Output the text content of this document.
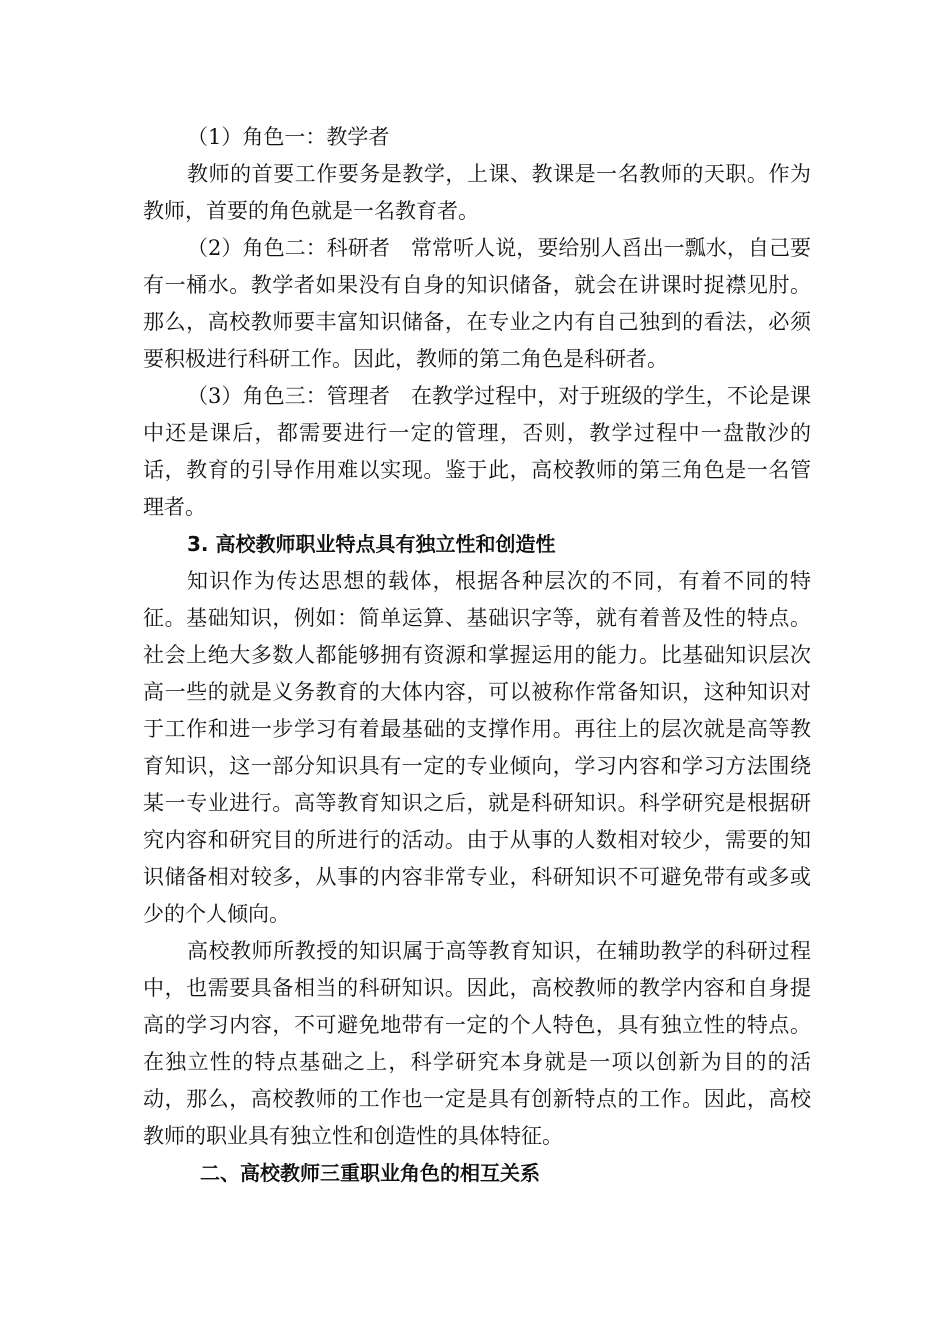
（1）角色一：教学者

教师的首要工作要务是教学，上课、教课是一名教师的天职。作为教师，首要的角色就是一名教育者。

（2）角色二：科研者　常常听人说，要给别人舀出一瓢水，自己要有一桶水。教学者如果没有自身的知识储备，就会在讲课时捉襟见肘。那么，高校教师要丰富知识储备，在专业之内有自己独到的看法，必须要积极进行科研工作。因此，教师的第二角色是科研者。

（3）角色三：管理者　在教学过程中，对于班级的学生，不论是课中还是课后，都需要进行一定的管理，否则，教学过程中一盘散沙的话，教育的引导作用难以实现。鉴于此，高校教师的第三角色是一名管理者。

3. 高校教师职业特点具有独立性和创造性

知识作为传达思想的载体，根据各种层次的不同，有着不同的特征。基础知识，例如：简单运算、基础识字等，就有着普及性的特点。社会上绝大多数人都能够拥有资源和掌握运用的能力。比基础知识层次高一些的就是义务教育的大体内容，可以被称作常备知识，这种知识对于工作和进一步学习有着最基础的支撑作用。再往上的层次就是高等教育知识，这一部分知识具有一定的专业倾向，学习内容和学习方法围绕某一专业进行。高等教育知识之后，就是科研知识。科学研究是根据研究内容和研究目的所进行的活动。由于从事的人数相对较少，需要的知识储备相对较多，从事的内容非常专业，科研知识不可避免带有或多或少的个人倾向。

高校教师所教授的知识属于高等教育知识，在辅助教学的科研过程中，也需要具备相当的科研知识。因此，高校教师的教学内容和自身提高的学习内容，不可避免地带有一定的个人特色，具有独立性的特点。在独立性的特点基础之上，科学研究本身就是一项以创新为目的的活动，那么，高校教师的工作也一定是具有创新特点的工作。因此，高校教师的职业具有独立性和创造性的具体特征。

二、高校教师三重职业角色的相互关系
